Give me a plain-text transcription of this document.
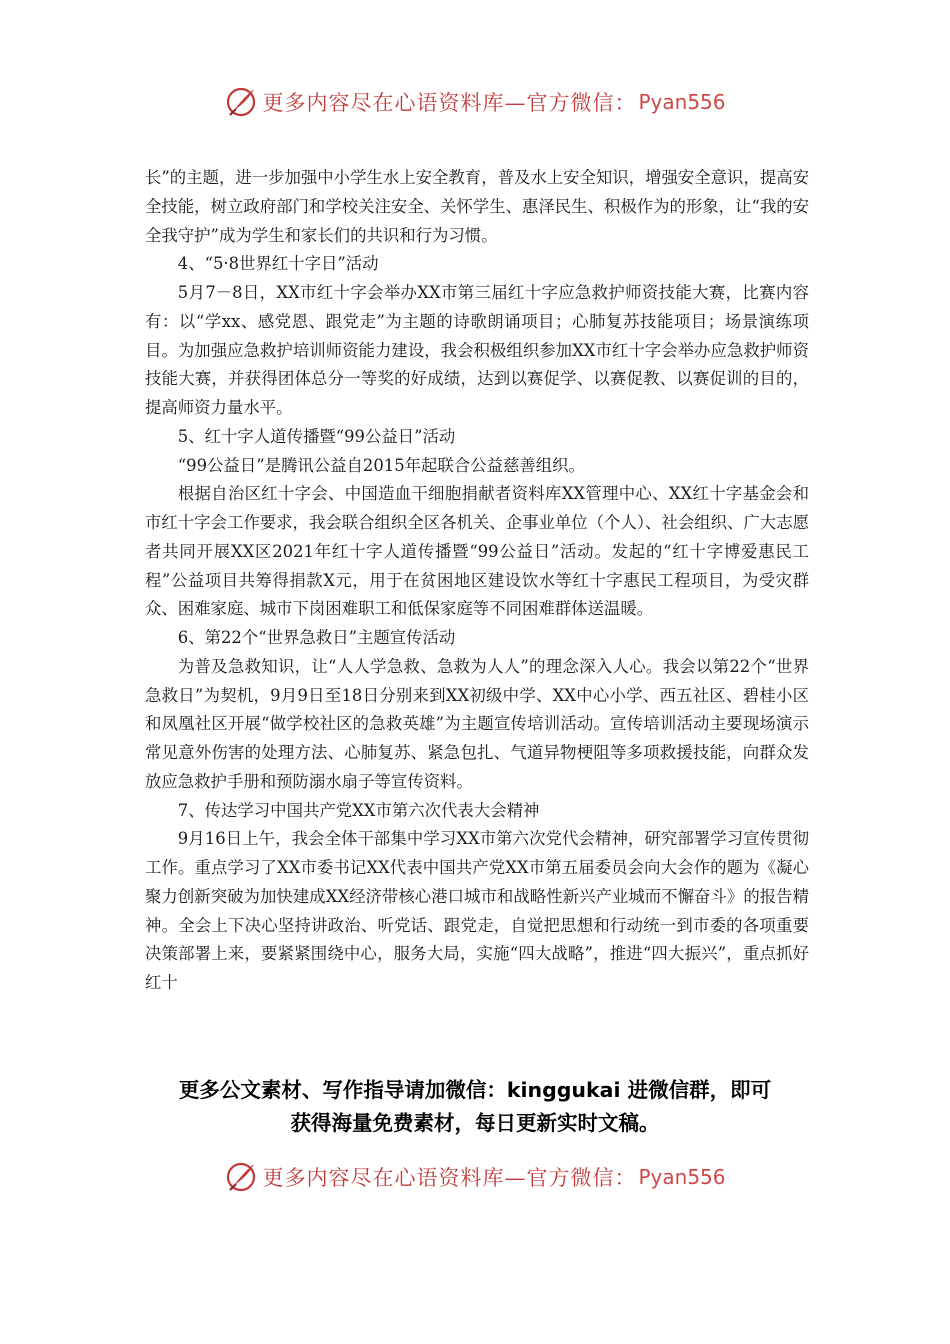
更多内容尽在心语资料库—官方微信： Pyan556

长”的主题，进一步加强中小学生水上安全教育，普及水上安全知识，增强安全意识，提高安全技能，树立政府部门和学校关注安全、关怀学生、惠泽民生、积极作为的形象，让“我的安全我守护”成为学生和家长们的共识和行为习惯。

4、“5·8世界红十字日”活动

5月7－8日，XX市红十字会举办XX市第三届红十字应急救护师资技能大赛，比赛内容有：以“学xx、感党恩、跟党走”为主题的诗歌朗诵项目；心肺复苏技能项目；场景演练项目。为加强应急救护培训师资能力建设，我会积极组织参加XX市红十字会举办应急救护师资技能大赛，并获得团体总分一等奖的好成绩，达到以赛促学、以赛促教、以赛促训的目的，提高师资力量水平。

5、红十字人道传播暨“99公益日”活动

“99公益日”是腾讯公益自2015年起联合公益慈善组织。

根据自治区红十字会、中国造血干细胞捐献者资料库XX管理中心、XX红十字基金会和市红十字会工作要求，我会联合组织全区各机关、企事业单位（个人）、社会组织、广大志愿者共同开展XX区2021年红十字人道传播暨“99公益日”活动。发起的“红十字博爱惠民工程”公益项目共筹得捐款X元，用于在贫困地区建设饮水等红十字惠民工程项目，为受灾群众、困难家庭、城市下岗困难职工和低保家庭等不同困难群体送温暖。

6、第22个“世界急救日”主题宣传活动

为普及急救知识，让“人人学急救、急救为人人”的理念深入人心。我会以第22个“世界急救日”为契机，9月9日至18日分别来到XX初级中学、XX中心小学、西五社区、碧桂小区和凤凰社区开展“做学校社区的急救英雄”为主题宣传培训活动。宣传培训活动主要现场演示常见意外伤害的处理方法、心肺复苏、紧急包扎、气道异物梗阻等多项救援技能，向群众发放应急救护手册和预防溺水扇子等宣传资料。

7、传达学习中国共产党XX市第六次代表大会精神

9月16日上午，我会全体干部集中学习XX市第六次党代会精神，研究部署学习宣传贯彻工作。重点学习了XX市委书记XX代表中国共产党XX市第五届委员会向大会作的题为《凝心聚力创新突破为加快建成XX经济带核心港口城市和战略性新兴产业城而不懈奋斗》的报告精神。全会上下决心坚持讲政治、听党话、跟党走，自觉把思想和行动统一到市委的各项重要决策部署上来，要紧紧围绕中心，服务大局，实施“四大战略”，推进“四大振兴”，重点抓好红十

更多公文素材、写作指导请加微信：kinggukai 进微信群，即可
获得海量免费素材，每日更新实时文稿。
更多内容尽在心语资料库—官方微信： Pyan556
